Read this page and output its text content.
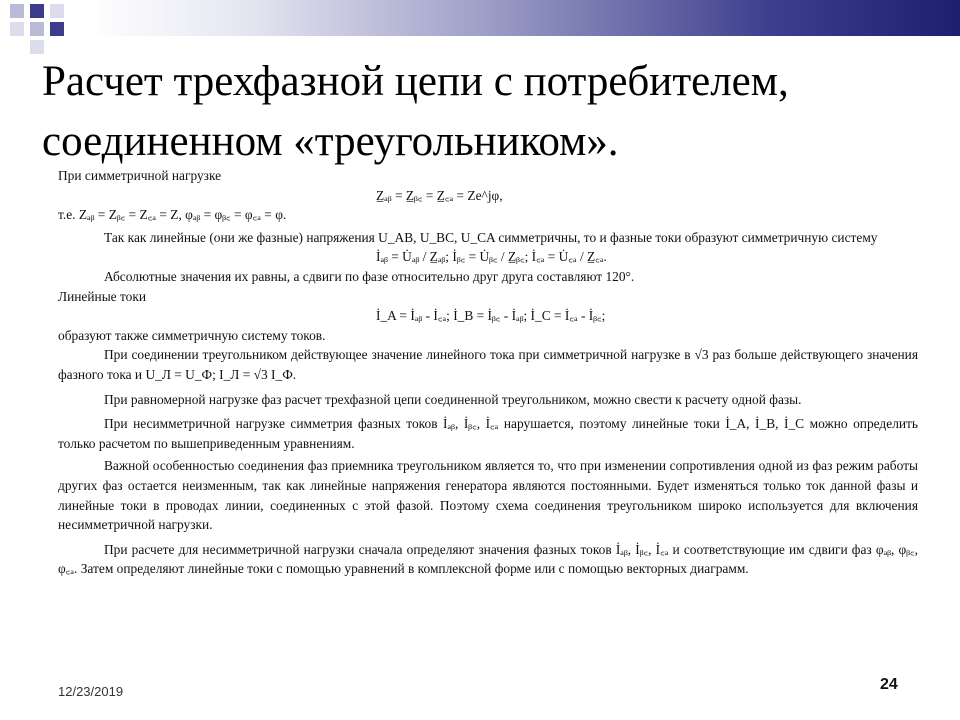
Расчет трехфазной цепи с потребителем,
соединенном «треугольником».

При симметричной нагрузке

Z̲ₐᵦ = Z̲ᵦ꜀ = Z̲꜀ₐ = Ze^jφ,

т.е. Zₐᵦ = Zᵦ꜀ = Z꜀ₐ = Z, φₐᵦ = φᵦ꜀ = φ꜀ₐ = φ.

Так как линейные (они же фазные) напряжения U_AB, U_BC, U_CA симметричны, то и фазные токи образуют симметричную систему

İₐᵦ = U̇ₐᵦ / Z̲ₐᵦ; İᵦ꜀ = U̇ᵦ꜀ / Z̲ᵦ꜀; İ꜀ₐ = U̇꜀ₐ / Z̲꜀ₐ.

Абсолютные значения их равны, а сдвиги по фазе относительно друг друга составляют 120°.

Линейные токи

İ_A = İₐᵦ - İ꜀ₐ; İ_B = İᵦ꜀ - İₐᵦ; İ_C = İ꜀ₐ - İᵦ꜀;

образуют также симметричную систему токов.

При соединении треугольником действующее значение линейного тока при симметричной нагрузке в √3 раз больше действующего значения фазного тока и U_Л = U_Ф; I_Л = √3 I_Ф.

При равномерной нагрузке фаз расчет трехфазной цепи соединенной треугольником, можно свести к расчету одной фазы.

При несимметричной нагрузке симметрия фазных токов İₐᵦ, İᵦ꜀, İ꜀ₐ нарушается, поэтому линейные токи İ_A, İ_B, İ_C можно определить только расчетом по вышеприведенным уравнениям.

Важной особенностью соединения фаз приемника треугольником является то, что при изменении сопротивления одной из фаз режим работы других фаз остается неизменным, так как линейные напряжения генератора являются постоянными. Будет изменяться только ток данной фазы и линейные токи в проводах линии, соединенных с этой фазой. Поэтому схема соединения треугольником широко используется для включения несимметричной нагрузки.

При расчете для несимметричной нагрузки сначала определяют значения фазных токов İₐᵦ, İᵦ꜀, İ꜀ₐ и соответствующие им сдвиги фаз φₐᵦ, φᵦ꜀, φ꜀ₐ. Затем определяют линейные токи с помощью уравнений в комплексной форме или с помощью векторных диаграмм.

12/23/2019	24
